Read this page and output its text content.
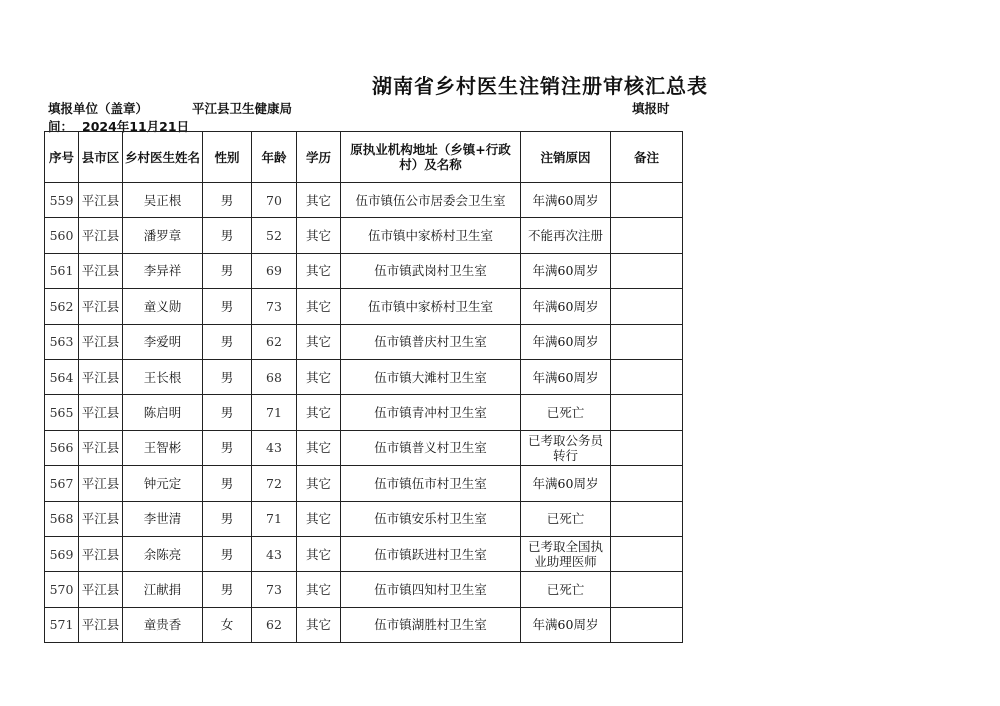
湖南省乡村医生注销注册审核汇总表
填报单位（盖章）	平江县卫生健康局	填报时
间： 2024年11月21日
序号	县市区	乡村医生姓名	性别	年龄	学历	原执业机构地址（乡镇+行政村）及名称	注销原因	备注
559	平江县	吴正根	男	70	其它	伍市镇伍公市居委会卫生室	年满60周岁	
560	平江县	潘罗章	男	52	其它	伍市镇中家桥村卫生室	不能再次注册	
561	平江县	李异祥	男	69	其它	伍市镇武岗村卫生室	年满60周岁	
562	平江县	童义勋	男	73	其它	伍市镇中家桥村卫生室	年满60周岁	
563	平江县	李爱明	男	62	其它	伍市镇普庆村卫生室	年满60周岁	
564	平江县	王长根	男	68	其它	伍市镇大滩村卫生室	年满60周岁	
565	平江县	陈启明	男	71	其它	伍市镇青冲村卫生室	已死亡	
566	平江县	王智彬	男	43	其它	伍市镇普义村卫生室	已考取公务员转行	
567	平江县	钟元定	男	72	其它	伍市镇伍市村卫生室	年满60周岁	
568	平江县	李世清	男	71	其它	伍市镇安乐村卫生室	已死亡	
569	平江县	余陈亮	男	43	其它	伍市镇跃进村卫生室	已考取全国执业助理医师	
570	平江县	江献捐	男	73	其它	伍市镇四知村卫生室	已死亡	
571	平江县	童贵香	女	62	其它	伍市镇湖胜村卫生室	年满60周岁	
